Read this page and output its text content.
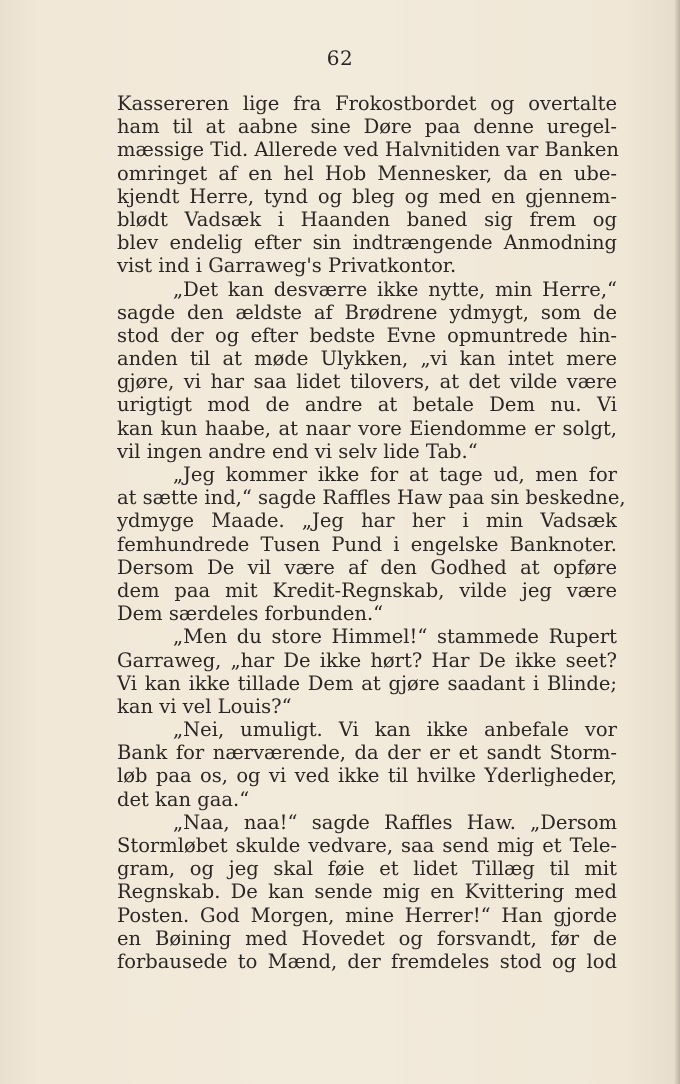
62
Kassereren lige fra Frokostbordet og overtalte
ham til at aabne sine Døre paa denne uregel-
mæssige Tid. Allerede ved Halvnitiden var Banken
omringet af en hel Hob Mennesker, da en ube-
kjendt Herre, tynd og bleg og med en gjennem-
blødt Vadsæk i Haanden baned sig frem og
blev endelig efter sin indtrængende Anmodning
vist ind i Garraweg's Privatkontor.
„Det kan desværre ikke nytte, min Herre,“
sagde den ældste af Brødrene ydmygt, som de
stod der og efter bedste Evne opmuntrede hin-
anden til at møde Ulykken, „vi kan intet mere
gjøre, vi har saa lidet tilovers, at det vilde være
urigtigt mod de andre at betale Dem nu. Vi
kan kun haabe, at naar vore Eiendomme er solgt,
vil ingen andre end vi selv lide Tab.“
„Jeg kommer ikke for at tage ud, men for
at sætte ind,“ sagde Raffles Haw paa sin beskedne,
ydmyge Maade. „Jeg har her i min Vadsæk
femhundrede Tusen Pund i engelske Banknoter.
Dersom De vil være af den Godhed at opføre
dem paa mit Kredit-Regnskab, vilde jeg være
Dem særdeles forbunden.“
„Men du store Himmel!“ stammede Rupert
Garraweg, „har De ikke hørt? Har De ikke seet?
Vi kan ikke tillade Dem at gjøre saadant i Blinde;
kan vi vel Louis?“
„Nei, umuligt. Vi kan ikke anbefale vor
Bank for nærværende, da der er et sandt Storm-
løb paa os, og vi ved ikke til hvilke Yderligheder,
det kan gaa.“
„Naa, naa!“ sagde Raffles Haw. „Dersom
Stormløbet skulde vedvare, saa send mig et Tele-
gram, og jeg skal føie et lidet Tillæg til mit
Regnskab. De kan sende mig en Kvittering med
Posten. God Morgen, mine Herrer!“ Han gjorde
en Bøining med Hovedet og forsvandt, før de
forbausede to Mænd, der fremdeles stod og lod
